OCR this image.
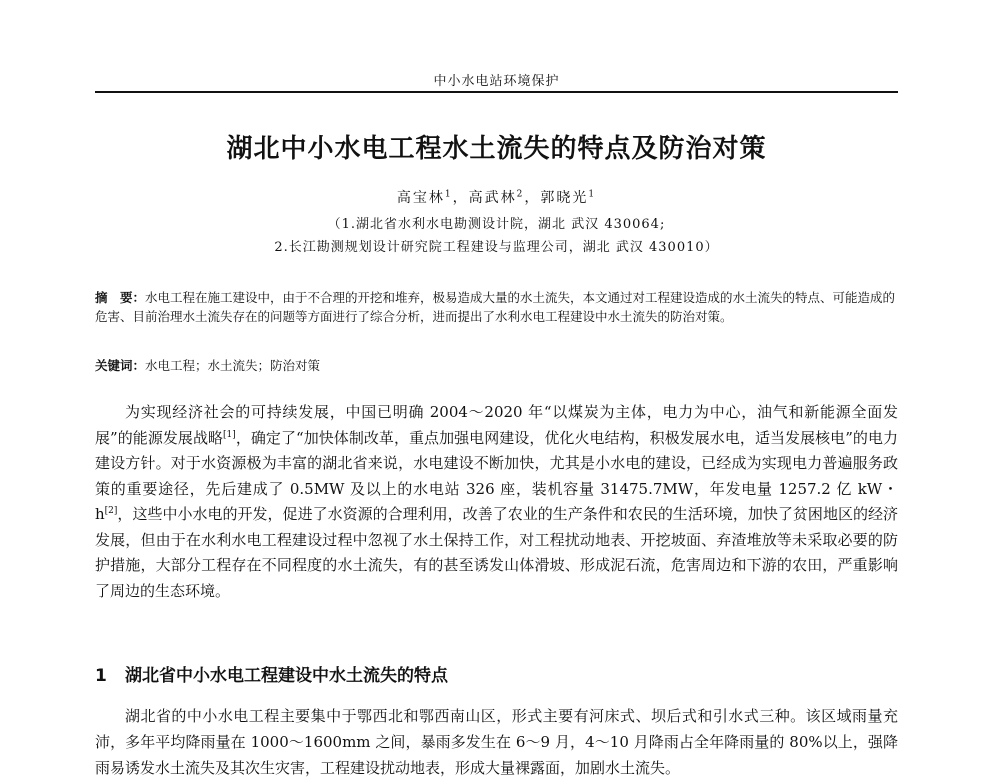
中小水电站环境保护
湖北中小水电工程水土流失的特点及防治对策
高宝林$^1$，高武林$^2$，郭晓光$^1$
（1.湖北省水利水电勘测设计院，湖北 武汉 430064;
2.长江勘测规划设计研究院工程建设与监理公司，湖北 武汉 430010）
摘　要：水电工程在施工建设中，由于不合理的开挖和堆弃，极易造成大量的水土流失，本文通过对工程建设造成的水土流失的特点、可能造成的危害、目前治理水土流失存在的问题等方面进行了综合分析，进而提出了水利水电工程建设中水土流失的防治对策。
关键词：水电工程；水土流失；防治对策
为实现经济社会的可持续发展，中国已明确 2004～2020 年“以煤炭为主体，电力为中心，油气和新能源全面发展”的能源发展战略[1]，确定了“加快体制改革，重点加强电网建设，优化火电结构，积极发展水电，适当发展核电”的电力建设方针。对于水资源极为丰富的湖北省来说，水电建设不断加快，尤其是小水电的建设，已经成为实现电力普遍服务政策的重要途径，先后建成了 0.5MW 及以上的水电站 326 座，装机容量 31475.7MW，年发电量 1257.2 亿 kW・h[2]，这些中小水电的开发，促进了水资源的合理利用，改善了农业的生产条件和农民的生活环境，加快了贫困地区的经济发展，但由于在水利水电工程建设过程中忽视了水土保持工作，对工程扰动地表、开挖坡面、弃渣堆放等未采取必要的防护措施，大部分工程存在不同程度的水土流失，有的甚至诱发山体滑坡、形成泥石流，危害周边和下游的农田，严重影响了周边的生态环境。
1 湖北省中小水电工程建设中水土流失的特点
湖北省的中小水电工程主要集中于鄂西北和鄂西南山区，形式主要有河床式、坝后式和引水式三种。该区域雨量充沛，多年平均降雨量在 1000～1600mm 之间，暴雨多发生在 6～9 月，4～10 月降雨占全年降雨量的 80%以上，强降雨易诱发水土流失及其次生灾害，工程建设扰动地表，形成大量裸露面，加剧水土流失。
